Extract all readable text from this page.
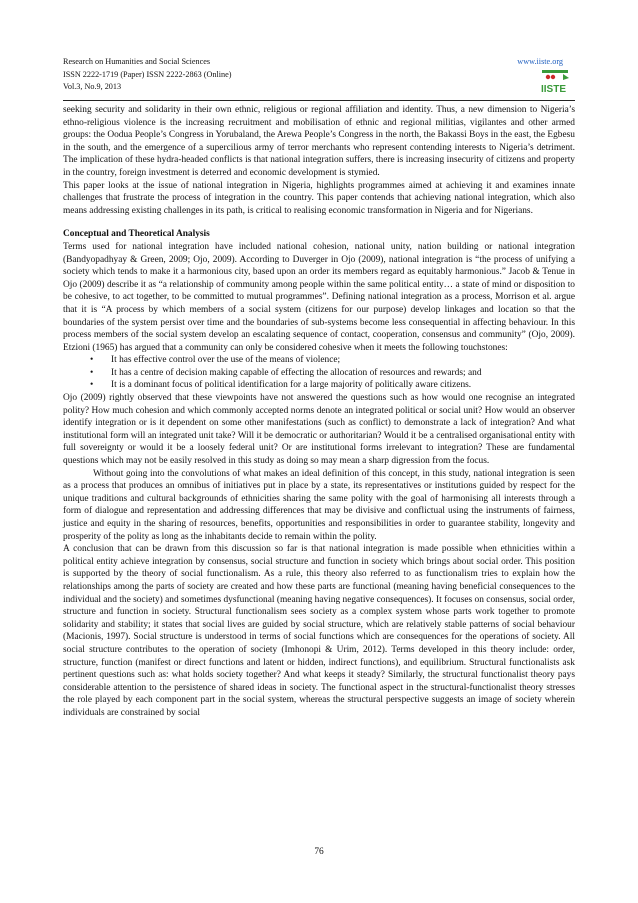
Research on Humanities and Social Sciences
ISSN 2222-1719 (Paper) ISSN 2222-2863 (Online)
Vol.3, No.9, 2013
www.iiste.org
IISTE

seeking security and solidarity in their own ethnic, religious or regional affiliation and identity. Thus, a new dimension to Nigeria’s ethno-religious violence is the increasing recruitment and mobilisation of ethnic and regional militias, vigilantes and other armed groups: the Oodua People’s Congress in Yorubaland, the Arewa People’s Congress in the north, the Bakassi Boys in the east, the Egbesu in the south, and the emergence of a supercilious army of terror merchants who represent contending interests to Nigeria’s detriment. The implication of these hydra-headed conflicts is that national integration suffers, there is increasing insecurity of citizens and property in the country, foreign investment is deterred and economic development is stymied.

This paper looks at the issue of national integration in Nigeria, highlights programmes aimed at achieving it and examines innate challenges that frustrate the process of integration in the country. This paper contends that achieving national integration, which also means addressing existing challenges in its path, is critical to realising economic transformation in Nigeria and for Nigerians.

Conceptual and Theoretical Analysis

Terms used for national integration have included national cohesion, national unity, nation building or national integration (Bandyopadhyay & Green, 2009; Ojo, 2009). According to Duverger in Ojo (2009), national integration is “the process of unifying a society which tends to make it a harmonious city, based upon an order its members regard as equitably harmonious.” Jacob & Tenue in Ojo (2009) describe it as “a relationship of community among people within the same political entity… a state of mind or disposition to be cohesive, to act together, to be committed to mutual programmes”. Defining national integration as a process, Morrison et al. argue that it is “A process by which members of a social system (citizens for our purpose) develop linkages and location so that the boundaries of the system persist over time and the boundaries of sub-systems become less consequential in affecting behaviour. In this process members of the social system develop an escalating sequence of contact, cooperation, consensus and community” (Ojo, 2009). Etzioni (1965) has argued that a community can only be considered cohesive when it meets the following touchstones:

• It has effective control over the use of the means of violence;
• It has a centre of decision making capable of effecting the allocation of resources and rewards; and
• It is a dominant focus of political identification for a large majority of politically aware citizens.

Ojo (2009) rightly observed that these viewpoints have not answered the questions such as how would one recognise an integrated polity? How much cohesion and which commonly accepted norms denote an integrated political or social unit? How would an observer identify integration or is it dependent on some other manifestations (such as conflict) to demonstrate a lack of integration? And what institutional form will an integrated unit take? Will it be democratic or authoritarian? Would it be a centralised organisational entity with full sovereignty or would it be a loosely federal unit? Or are institutional forms irrelevant to integration? These are fundamental questions which may not be easily resolved in this study as doing so may mean a sharp digression from the focus.

Without going into the convolutions of what makes an ideal definition of this concept, in this study, national integration is seen as a process that produces an omnibus of initiatives put in place by a state, its representatives or institutions guided by respect for the unique traditions and cultural backgrounds of ethnicities sharing the same polity with the goal of harmonising all interests through a form of dialogue and representation and addressing differences that may be divisive and conflictual using the instruments of fairness, justice and equity in the sharing of resources, benefits, opportunities and responsibilities in order to guarantee stability, longevity and prosperity of the polity as long as the inhabitants decide to remain within the polity.

A conclusion that can be drawn from this discussion so far is that national integration is made possible when ethnicities within a political entity achieve integration by consensus, social structure and function in society which brings about social order. This position is supported by the theory of social functionalism. As a rule, this theory also referred to as functionalism tries to explain how the relationships among the parts of society are created and how these parts are functional (meaning having beneficial consequences to the individual and the society) and sometimes dysfunctional (meaning having negative consequences). It focuses on consensus, social order, structure and function in society. Structural functionalism sees society as a complex system whose parts work together to promote solidarity and stability; it states that social lives are guided by social structure, which are relatively stable patterns of social behaviour (Macionis, 1997). Social structure is understood in terms of social functions which are consequences for the operations of society. All social structure contributes to the operation of society (Imhonopi & Urim, 2012). Terms developed in this theory include: order, structure, function (manifest or direct functions and latent or hidden, indirect functions), and equilibrium. Structural functionalists ask pertinent questions such as: what holds society together? And what keeps it steady? Similarly, the structural functionalist theory pays considerable attention to the persistence of shared ideas in society. The functional aspect in the structural-functionalist theory stresses the role played by each component part in the social system, whereas the structural perspective suggests an image of society wherein individuals are constrained by social

76
